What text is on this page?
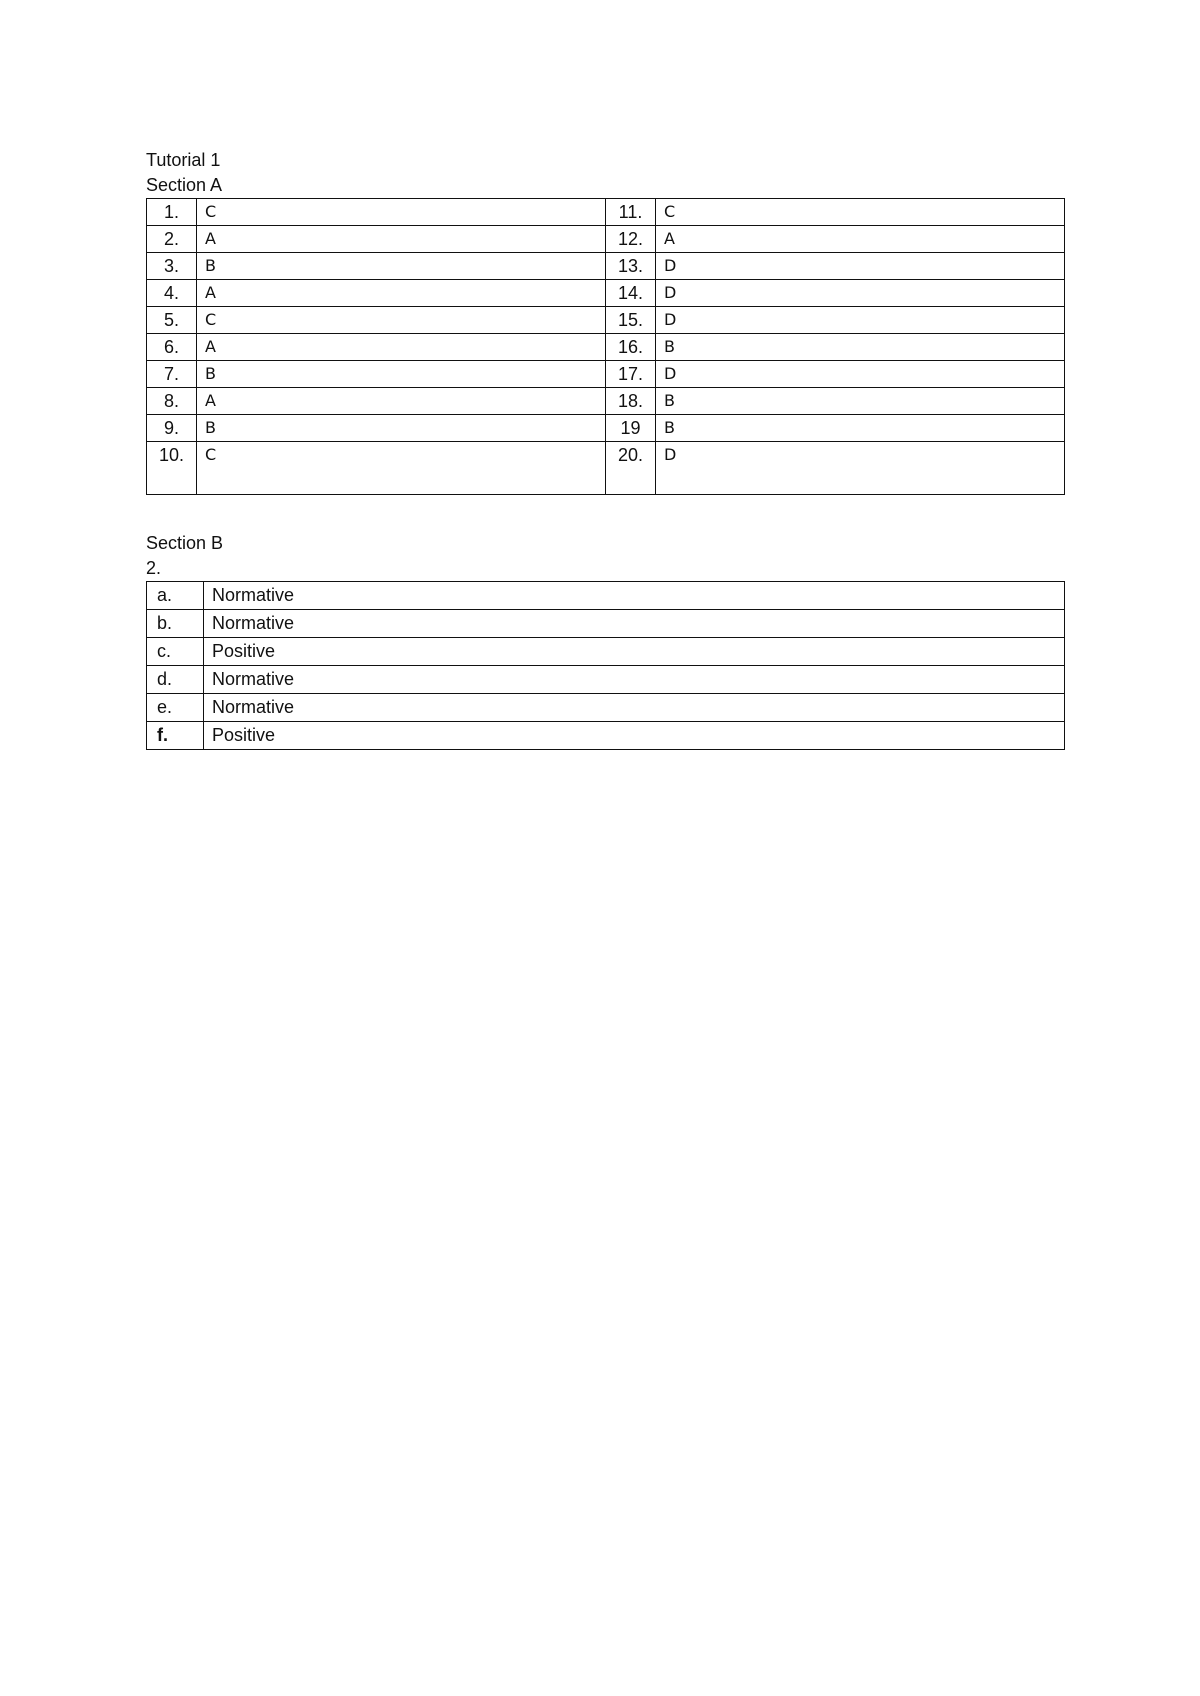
Tutorial 1
Section A
1.	C	11.	C
2.	A	12.	A
3.	B	13.	D
4.	A	14.	D
5.	C	15.	D
6.	A	16.	B
7.	B	17.	D
8.	A	18.	B
9.	B	19	B
10.	C	20.	D
Section B
2.
a.	Normative
b.	Normative
c.	Positive
d.	Normative
e.	Normative
f.	Positive
